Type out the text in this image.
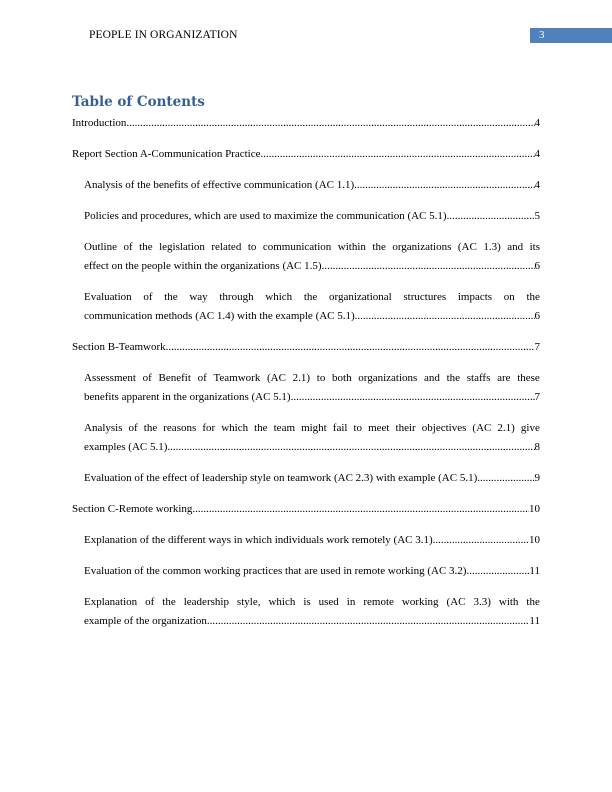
PEOPLE IN ORGANIZATION	3
Table of Contents
Introduction .....	4
Report Section A-Communication Practice .....	4
Analysis of the benefits of effective communication (AC 1.1) .....	4
Policies and procedures, which are used to maximize the communication (AC 5.1) .....	5
Outline of the legislation related to communication within the organizations (AC 1.3) and its
effect on the people within the organizations (AC 1.5) .....	6
Evaluation of the way through which the organizational structures impacts on the
communication methods (AC 1.4) with the example (AC 5.1) .....	6
Section B-Teamwork .....	7
Assessment of Benefit of Teamwork (AC 2.1) to both organizations and the staffs are these
benefits apparent in the organizations (AC 5.1) .....	7
Analysis of the reasons for which the team might fail to meet their objectives (AC 2.1) give
examples (AC 5.1) .....	8
Evaluation of the effect of leadership style on teamwork (AC 2.3) with example (AC 5.1) .....	9
Section C-Remote working .....	10
Explanation of the different ways in which individuals work remotely (AC 3.1) .....	10
Evaluation of the common working practices that are used in remote working (AC 3.2) .....	11
Explanation of the leadership style, which is used in remote working (AC 3.3) with the
example of the organization .....	11
